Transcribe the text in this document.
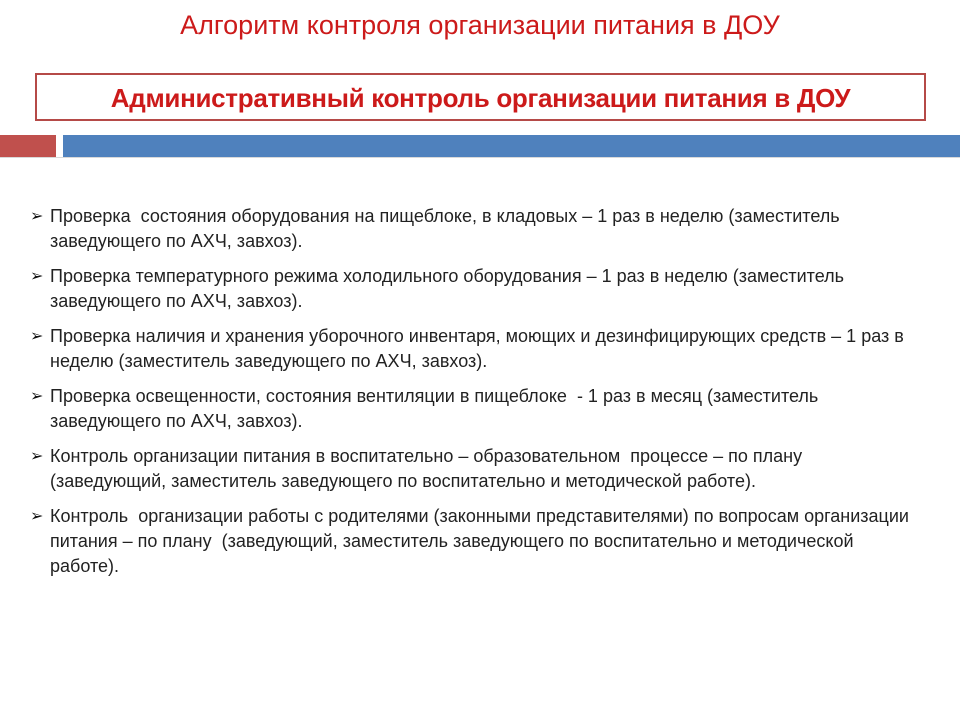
Алгоритм контроля организации питания в ДОУ
Административный контроль организации питания в ДОУ
➢ Проверка  состояния оборудования на пищеблоке, в кладовых – 1 раз в неделю (заместитель заведующего по АХЧ, завхоз).
➢ Проверка температурного режима холодильного оборудования – 1 раз в неделю (заместитель заведующего по АХЧ, завхоз).
➢ Проверка наличия и хранения уборочного инвентаря, моющих и дезинфицирующих средств – 1 раз в неделю (заместитель заведующего по АХЧ, завхоз).
➢ Проверка освещенности, состояния вентиляции в пищеблоке  - 1 раз в месяц (заместитель заведующего по АХЧ, завхоз).
➢ Контроль организации питания в воспитательно – образовательном  процессе – по плану  (заведующий, заместитель заведующего по воспитательно и методической работе).
➢ Контроль  организации работы с родителями (законными представителями) по вопросам организации питания – по плану  (заведующий, заместитель заведующего по воспитательно и методической работе).
